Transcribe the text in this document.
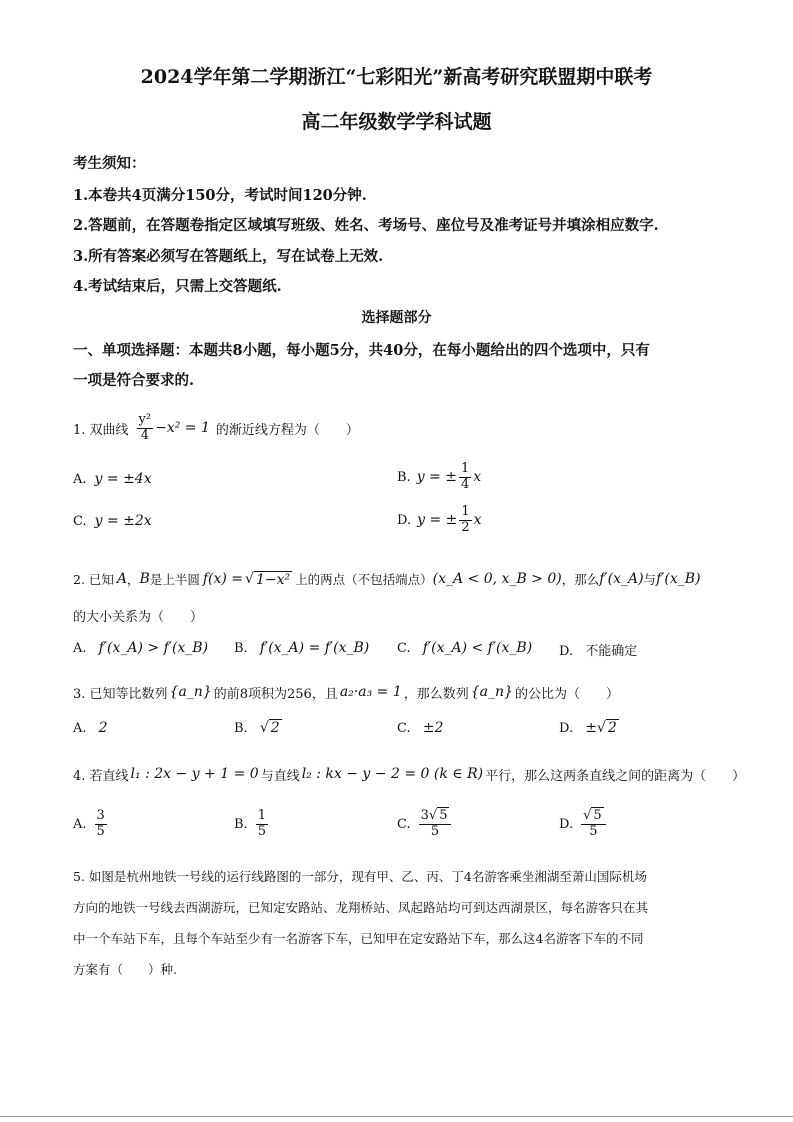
2024学年第二学期浙江“七彩阳光”新高考研究联盟期中联考
高二年级数学学科试题
考生须知：
1.本卷共4页满分150分，考试时间120分钟.
2.答题前，在答题卷指定区域填写班级、姓名、考场号、座位号及准考证号并填涂相应数字.
3.所有答案必须写在答题纸上，写在试卷上无效.
4.考试结束后，只需上交答题纸.
选择题部分
一、单项选择题：本题共8小题，每小题5分，共40分，在每小题给出的四个选项中，只有
一项是符合要求的.
1. 双曲线 $\frac{\text{y²}}{4} -x^2 = 1$ 的渐近线方程为（　　）
A. y = ±4x	B. y = ± $\frac{1}{4}$ x
C. y = ±2x	D. y = ± $\frac{1}{2}$ x
2. 已知 A ， B 是上半圆 f(x) = √ 1−x² 上的两点（不包括端点） (x_A < 0, x_B > 0) ，那么 f′(x_A) 与 f′(x_B)
的大小关系为（　　）
A. f′(x_A) > f′(x_B) B. f′(x_A) = f′(x_B) C. f′(x_A) < f′(x_B) D. 不能确定
3. 已知等比数列 {a_n} 的前8项积为256，且 a₂·a₃ = 1 ，那么数列 {a_n} 的公比为（　　）
A. 2	B. √ 2	C. ±2	D. ±√ 2
4. 若直线 l₁ : 2x − y + 1 = 0 与直线 l₂ : kx − y − 2 = 0 (k ∈ R) 平行，那么这两条直线之间的距离为（　　）
A. $\frac{3}{5}$	B. $\frac{1}{5}$	C. $\frac{3√ 5}{5}$	D. $\frac{√ 5}{5}$
5. 如图是杭州地铁一号线的运行线路图的一部分，现有甲、乙、丙、丁4名游客乘坐湘湖至萧山国际机场
方向的地铁一号线去西湖游玩，已知定安路站、龙翔桥站、凤起路站均可到达西湖景区，每名游客只在其
中一个车站下车，且每个车站至少有一名游客下车，已知甲在定安路站下车，那么这4名游客下车的不同
方案有（　　）种.
